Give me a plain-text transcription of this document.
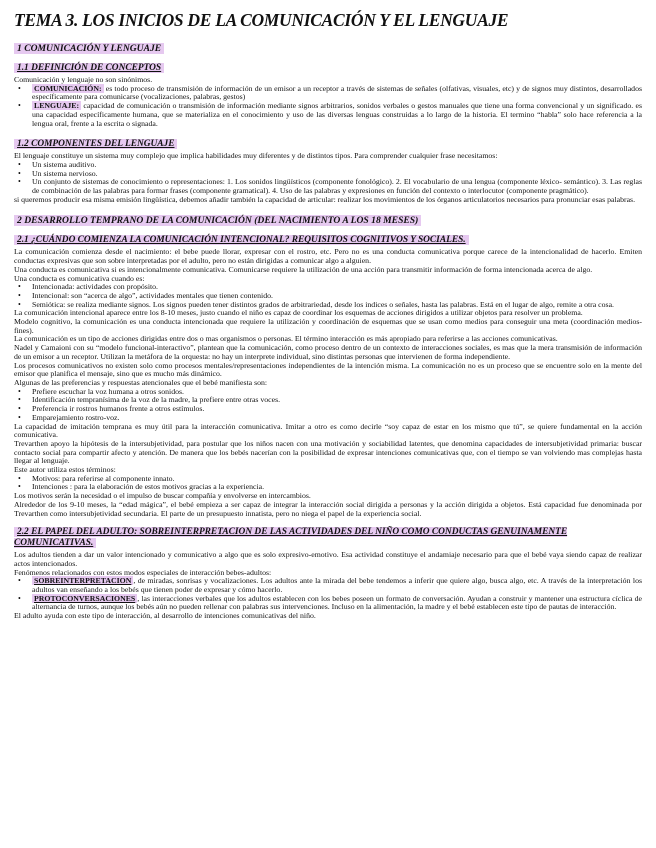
TEMA 3. LOS INICIOS DE LA COMUNICACIÓN Y EL LENGUAJE
1 COMUNICACIÓN Y LENGUAJE
1.1 DEFINICIÓN DE CONCEPTOS

Comunicación y lenguaje no son sinónimos.

• COMUNICACIÓN: es todo proceso de transmisión de información de un emisor a un receptor a través de sistemas de señales (olfativas, visuales, etc) y de signos muy distintos, desarrollados específicamente para comunicarse (vocalizaciones, palabras, gestos)
• LENGUAJE: capacidad de comunicación o transmisión de información mediante signos arbitrarios, sonidos verbales o gestos manuales que tiene una forma convencional y un significado. es una capacidad específicamente humana, que se materializa en el conocimiento y uso de las diversas lenguas construidas a lo largo de la historia. El termino “habla” solo hace referencia a la lengua oral, frente a la escrita o signada.
1.2 COMPONENTES DEL LENGUAJE

El lenguaje constituye un sistema muy complejo que implica habilidades muy diferentes y de distintos tipos. Para comprender cualquier frase necesitamos:

• Un sistema auditivo.
• Un sistema nervioso.
• Un conjunto de sistemas de conocimiento o representaciones: 1. Los sonidos lingüísticos (componente fonológico). 2. El vocabulario de una lengua (componente léxico- semántico). 3. Las reglas de combinación de las palabras para formar frases (componente gramatical). 4. Uso de las palabras y expresiones en función del contexto o interlocutor (componente pragmático).

si queremos producir esa misma emisión lingüística, debemos añadir también la capacidad de articular: realizar los movimientos de los órganos articulatorios necesarios para pronunciar esas palabras.

2 DESARROLLO TEMPRANO DE LA COMUNICACIÓN (DEL NACIMIENTO A LOS 18 MESES)
2.1 ¿CUÁNDO COMIENZA LA COMUNICACIÓN INTENCIONAL? REQUISITOS COGNITIVOS Y SOCIALES.

La comunicación comienza desde el nacimiento: el bebe puede llorar, expresar con el rostro, etc. Pero no es una conducta comunicativa porque carece de la intencionalidad de hacerlo. Emiten conductas expresivas que son sobre interpretadas por el adulto, pero no están dirigidas a comunicar algo a alguien.

Una conducta es comunicativa si es intencionalmente comunicativa. Comunicarse requiere la utilización de una acción para transmitir información de forma intencionada acerca de algo.

Una conducta es comunicativa cuando es:

• Intencionada: actividades con propósito.
• Intencional: son “acerca de algo”, actividades mentales que tienen contenido.
• Semiótica: se realiza mediante signos. Los signos pueden tener distintos grados de arbitrariedad, desde los indices o señales, hasta las palabras. Está en el lugar de algo, remite a otra cosa.

La comunicación intencional aparece entre los 8-10 meses, justo cuando el niño es capaz de coordinar los esquemas de acciones dirigidos a utilizar objetos para resolver un problema.

Modelo cognitivo, la comunicación es una conducta intencionada que requiere la utilización y coordinación de esquemas que se usan como medios para conseguir una meta (coordinación medios-fines).

La comunicación es un tipo de acciones dirigidas entre dos o mas organismos o personas. El término interacción es más apropiado para referirse a las acciones comunicativas.

Nadel y Camaioni con su “modelo funcional-interactivo”, plantean que la comunicación, como proceso dentro de un contexto de interacciones sociales, es mas que la mera transmisión de información de un emisor a un receptor. Utilizan la metáfora de la orquesta: no hay un interprete individual, sino distintas personas que intervienen de forma independiente.

Los procesos comunicativos no existen solo como procesos mentales/representaciones independientes de la intención misma. La comunicación no es un proceso que se encuentre solo en la mente del emisor que planifica el mensaje, sino que es mucho más dinámico.

Algunas de las preferencias y respuestas atencionales que el bebé manifiesta son:

• Prefiere escuchar la voz humana a otros sonidos.
• Identificación tempranísima de la voz de la madre, la prefiere entre otras voces.
• Preferencia ir rostros humanos frente a otros estímulos.
• Emparejamiento rostro-voz.

La capacidad de imitación temprana es muy útil para la interacción comunicativa. Imitar a otro es como decirle “soy capaz de estar en los mismo que tú”, se quiere fundamental en la acción comunicativa.

Trevarthen apoyo la hipótesis de la intersubjetividad, para postular que los niños nacen con una motivación y sociabilidad latentes, que denomina capacidades de intersubjetividad primaria: buscar contacto social para compartir afecto y atención. De manera que los bebés nacerían con la posibilidad de expresar intenciones comunicativas que, con el tiempo se van volviendo mas complejas hasta llegar al lenguaje.

Este autor utiliza estos términos:

• Motivos: para referirse al componente innato.
• Intenciones : para la elaboración de estos motivos gracias a la experiencia.

Los motivos serán la necesidad o el impulso de buscar compañía y envolverse en intercambios.

Alrededor de los 9-10 meses, la “edad mágica”, el bebé empieza a ser capaz de integrar la interacción social dirigida a personas y la acción dirigida a objetos. Está capacidad fue denominada por Trevarthen como intersubjetividad secundaria. El parte de un presupuesto innatista, pero no niega el papel de la experiencia social.

2.2 EL PAPEL DEL ADULTO: SOBREINTERPRETACION DE LAS ACTIVIDADES DEL NIÑO COMO CONDUCTAS GENUINAMENTE COMUNICATIVAS.

Los adultos tienden a dar un valor intencionado y comunicativo a algo que es solo expresivo-emotivo. Esa actividad constituye el andamiaje necesario para que el bebé vaya siendo capaz de realizar actos intencionados.

Fenómenos relacionados con estos modos especiales de interacción bebes-adultos:

• SOBREINTERPRETACION , de miradas, sonrisas y vocalizaciones. Los adultos ante la mirada del bebe tendemos a inferir que quiere algo, busca algo, etc. A través de la interpretación los adultos van enseñando a los bebés que tienen poder de expresar y cómo hacerlo.
• PROTOCONVERSACIONES , las interacciones verbales que los adultos establecen con los bebes poseen un formato de conversación. Ayudan a construir y mantener una estructura cíclica de alternancia de turnos, aunque los bebés aún no pueden rellenar con palabras sus intervenciones. Incluso en la alimentación, la madre y el bebé establecen este tipo de pautas de interacción.

El adulto ayuda con este tipo de interacción, al desarrollo de intenciones comunicativas del niño.
